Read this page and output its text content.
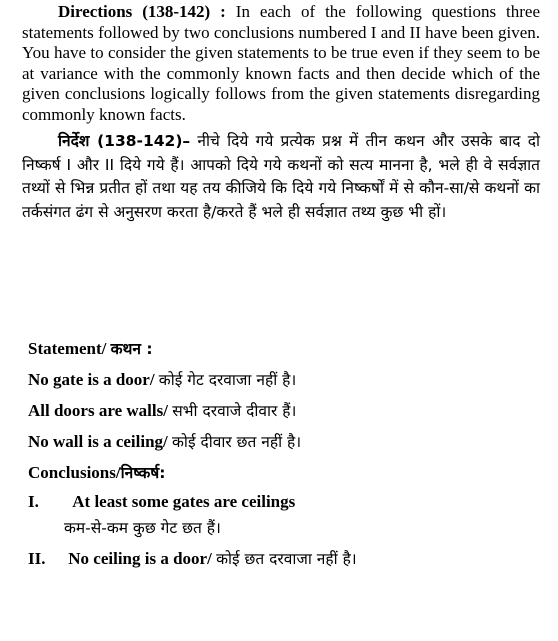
Directions (138-142) : In each of the following questions three statements followed by two conclusions numbered I and II have been given. You have to consider the given statements to be true even if they seem to be at variance with the commonly known facts and then decide which of the given conclusions logically follows from the given statements disregarding commonly known facts.

निर्देश (138-142)– नीचे दिये गये प्रत्येक प्रश्न में तीन कथन और उसके बाद दो निष्कर्ष I और II दिये गये हैं। आपको दिये गये कथनों को सत्य मानना है, भले ही वे सर्वज्ञात तथ्यों से भिन्न प्रतीत हों तथा यह तय कीजिये कि दिये गये निष्कर्षों में से कौन-सा/से कथनों का तर्कसंगत ढंग से अनुसरण करता है/करते हैं भले ही सर्वज्ञात तथ्य कुछ भी हों।

Statement/ कथन :
No gate is a door/ कोई गेट दरवाजा नहीं है।
All doors are walls/ सभी दरवाजे दीवार हैं।
No wall is a ceiling/ कोई दीवार छत नहीं है।
Conclusions/निष्कर्ष:
I. At least some gates are ceilings
कम-से-कम कुछ गेट छत हैं।
II. No ceiling is a door/ कोई छत दरवाजा नहीं है।
